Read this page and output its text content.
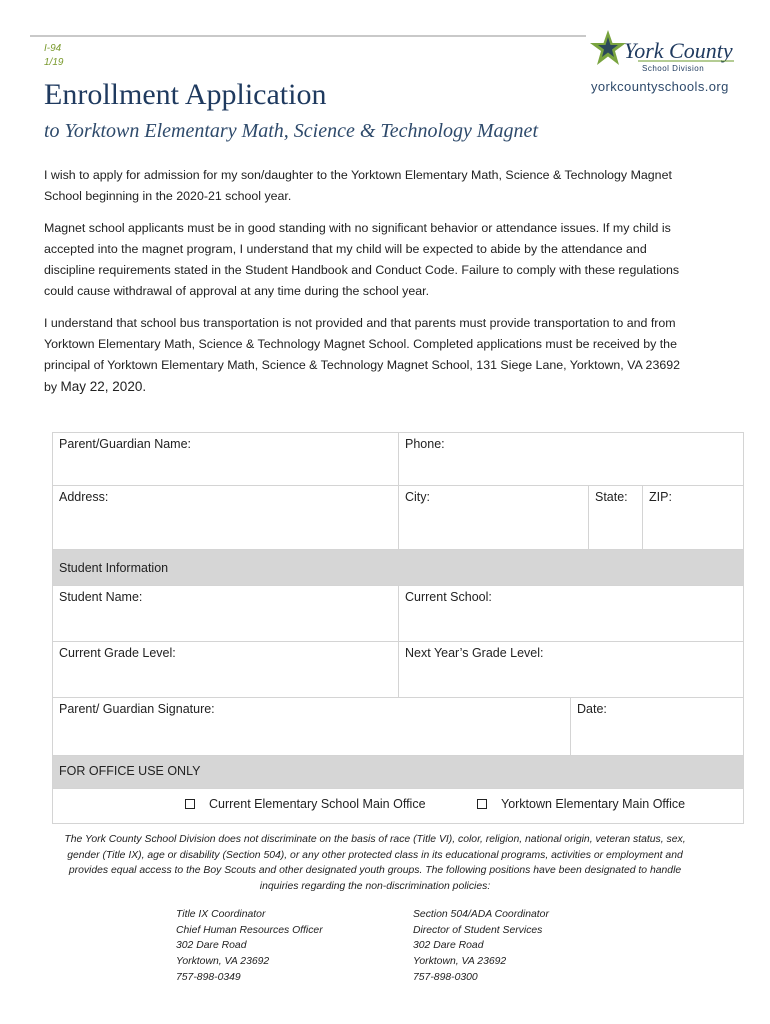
I-94
1/19	York County
School Division
yorkcountyschools.org
Enrollment Application
to Yorktown Elementary Math, Science & Technology Magnet

I wish to apply for admission for my son/daughter to the Yorktown Elementary Math, Science & Technology Magnet School beginning in the 2020-21 school year.

Magnet school applicants must be in good standing with no significant behavior or attendance issues. If my child is accepted into the magnet program, I understand that my child will be expected to abide by the attendance and discipline requirements stated in the Student Handbook and Conduct Code. Failure to comply with these regulations could cause withdrawal of approval at any time during the school year.

I understand that school bus transportation is not provided and that parents must provide transportation to and from Yorktown Elementary Math, Science & Technology Magnet School. Completed applications must be received by the principal of Yorktown Elementary Math, Science & Technology Magnet School, 131 Siege Lane, Yorktown, VA 23692 by May 22, 2020.

Parent/Guardian Name:	Phone:
Address:	City:	State:	ZIP:
Student Information
Student Name:	Current School:
Current Grade Level:	Next Year’s Grade Level:
Parent/ Guardian Signature:	Date:
FOR OFFICE USE ONLY
Current Elementary School Main Office	Yorktown Elementary Main Office
The York County School Division does not discriminate on the basis of race (Title VI), color, religion, national origin, veteran status, sex, gender (Title IX), age or disability (Section 504), or any other protected class in its educational programs, activities or employment and provides equal access to the Boy Scouts and other designated youth groups. The following positions have been designated to handle inquiries regarding the non-discrimination policies:
Title IX Coordinator
Chief Human Resources Officer
302 Dare Road
Yorktown, VA 23692
757-898-0349
Section 504/ADA Coordinator
Director of Student Services
302 Dare Road
Yorktown, VA 23692
757-898-0300
